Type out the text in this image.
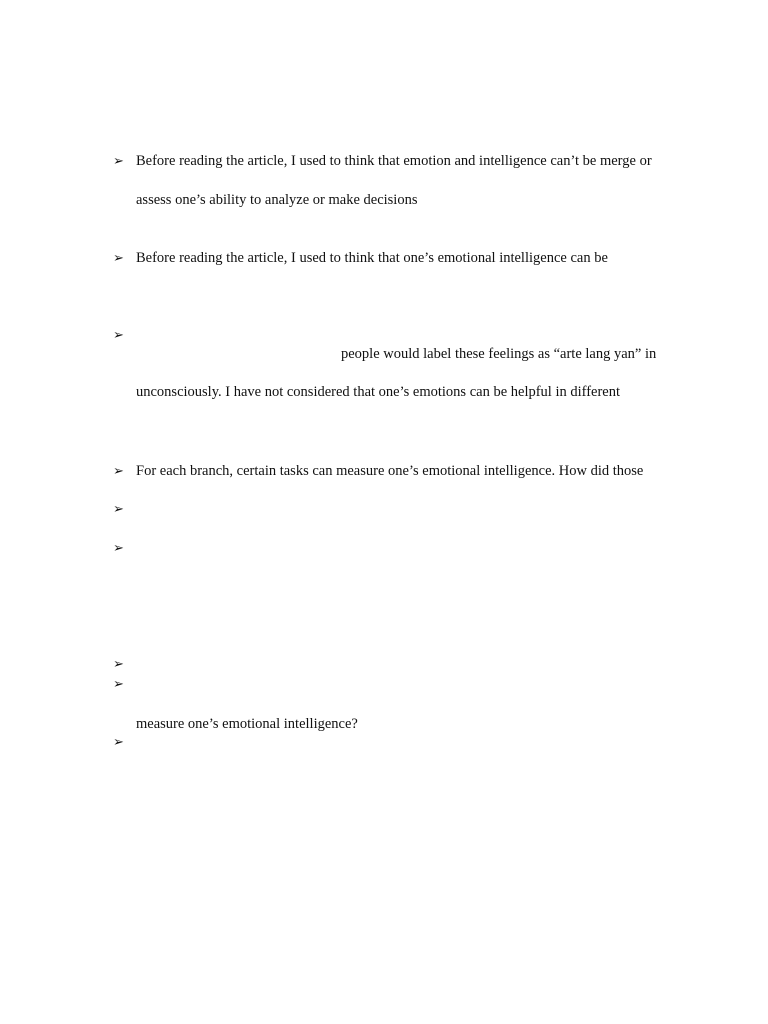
➢ Before reading the article, I used to think that emotion and intelligence can’t be merge or
assess one’s ability to analyze or make decisions
➢ Before reading the article, I used to think that one’s emotional intelligence can be
➢
people would label these feelings as “arte lang yan” in
unconsciously. I have not considered that one’s emotions can be helpful in different
➢ For each branch, certain tasks can measure one’s emotional intelligence. How did those
➢
➢
➢
➢
measure one’s emotional intelligence?
➢
